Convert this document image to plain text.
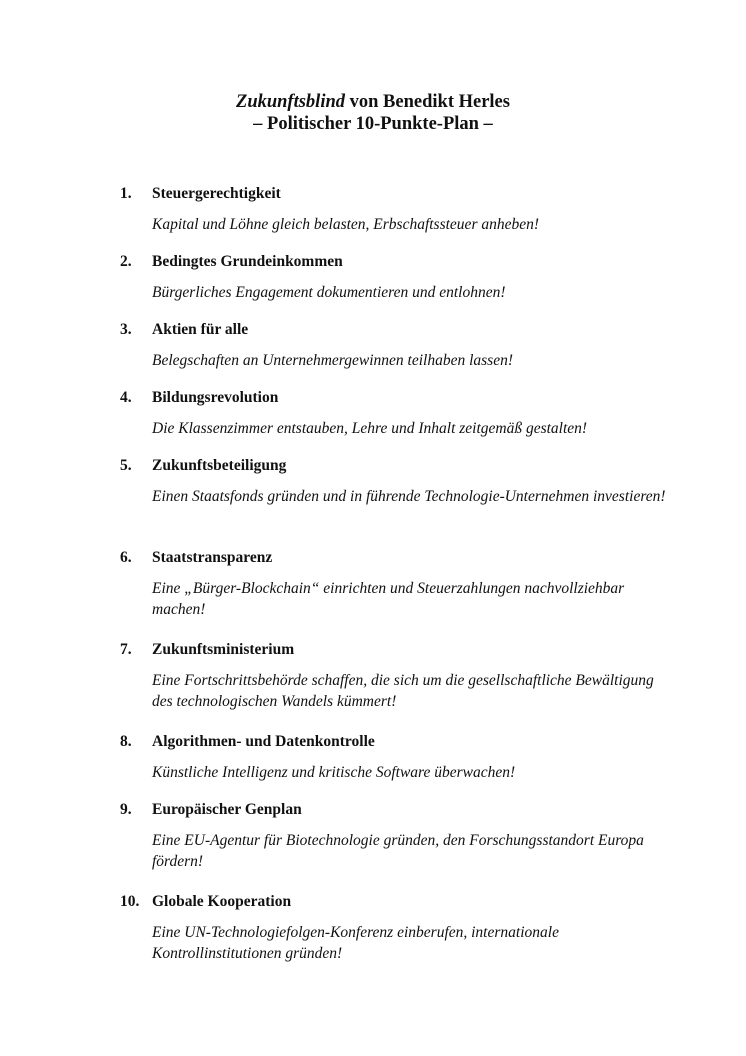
Zukunftsblind von Benedikt Herles
– Politischer 10-Punkte-Plan –
1.	Steuergerechtigkeit
Kapital und Löhne gleich belasten, Erbschaftssteuer anheben!
2.	Bedingtes Grundeinkommen
Bürgerliches Engagement dokumentieren und entlohnen!
3.	Aktien für alle
Belegschaften an Unternehmergewinnen teilhaben lassen!
4.	Bildungsrevolution
Die Klassenzimmer entstauben, Lehre und Inhalt zeitgemäß gestalten!
5.	Zukunftsbeteiligung
Einen Staatsfonds gründen und in führende Technologie-Unternehmen investieren!
6.	Staatstransparenz
Eine „Bürger-Blockchain“ einrichten und Steuerzahlungen nachvollziehbar machen!
7.	Zukunftsministerium
Eine Fortschrittsbehörde schaffen, die sich um die gesellschaftliche Bewältigung des technologischen Wandels kümmert!
8.	Algorithmen- und Datenkontrolle
Künstliche Intelligenz und kritische Software überwachen!
9.	Europäischer Genplan
Eine EU-Agentur für Biotechnologie gründen, den Forschungsstandort Europa fördern!
10. Globale Kooperation
Eine UN-Technologiefolgen-Konferenz einberufen, internationale Kontrollinstitutionen gründen!
